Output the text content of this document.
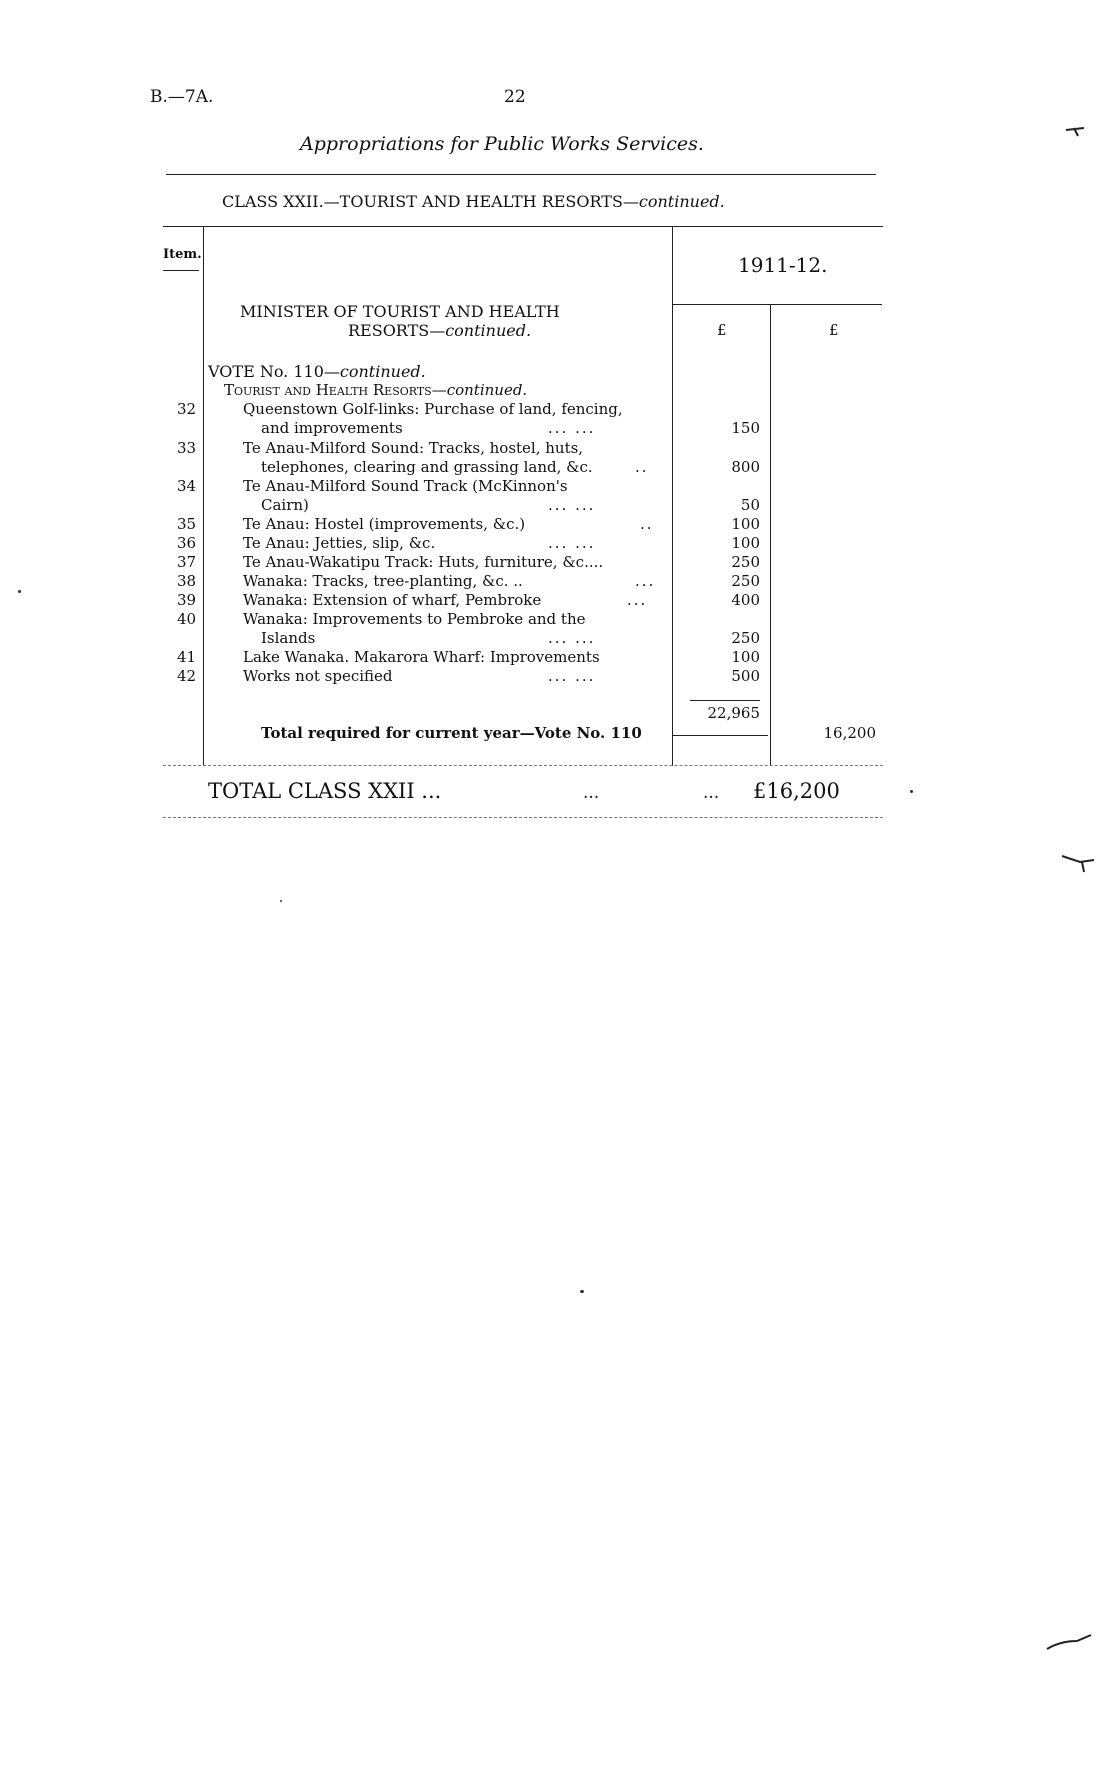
B.—7A.	22
Appropriations for Public Works Services.
CLASS XXII.—TOURIST AND HEALTH RESORTS—continued.
Item.	1911-12.
MINISTER OF TOURIST AND HEALTH
RESORTS—continued.	£	£
VOTE No. 110—continued.
Tourist and Health Resorts—continued.
32	Queenstown Golf-links: Purchase of land, fencing,
and improvements	... ...	150
33	Te Anau-Milford Sound: Tracks, hostel, huts,
telephones, clearing and grassing land, &c.	..	800
34	Te Anau-Milford Sound Track (McKinnon's
Cairn)	... ...	50
35	Te Anau: Hostel (improvements, &c.)	..	100
36	Te Anau: Jetties, slip, &c.	... ...	100
37	Te Anau-Wakatipu Track: Huts, furniture, &c....	250
38	Wanaka: Tracks, tree-planting, &c. ..	...	250
39	Wanaka: Extension of wharf, Pembroke	...	400
40	Wanaka: Improvements to Pembroke and the
Islands	... ...	250
41	Lake Wanaka. Makarora Wharf: Improvements	100
42	Works not specified	... ...	500
22,965
Total required for current year—Vote No. 110	16,200
TOTAL CLASS XXII ...	...	... £16,200
